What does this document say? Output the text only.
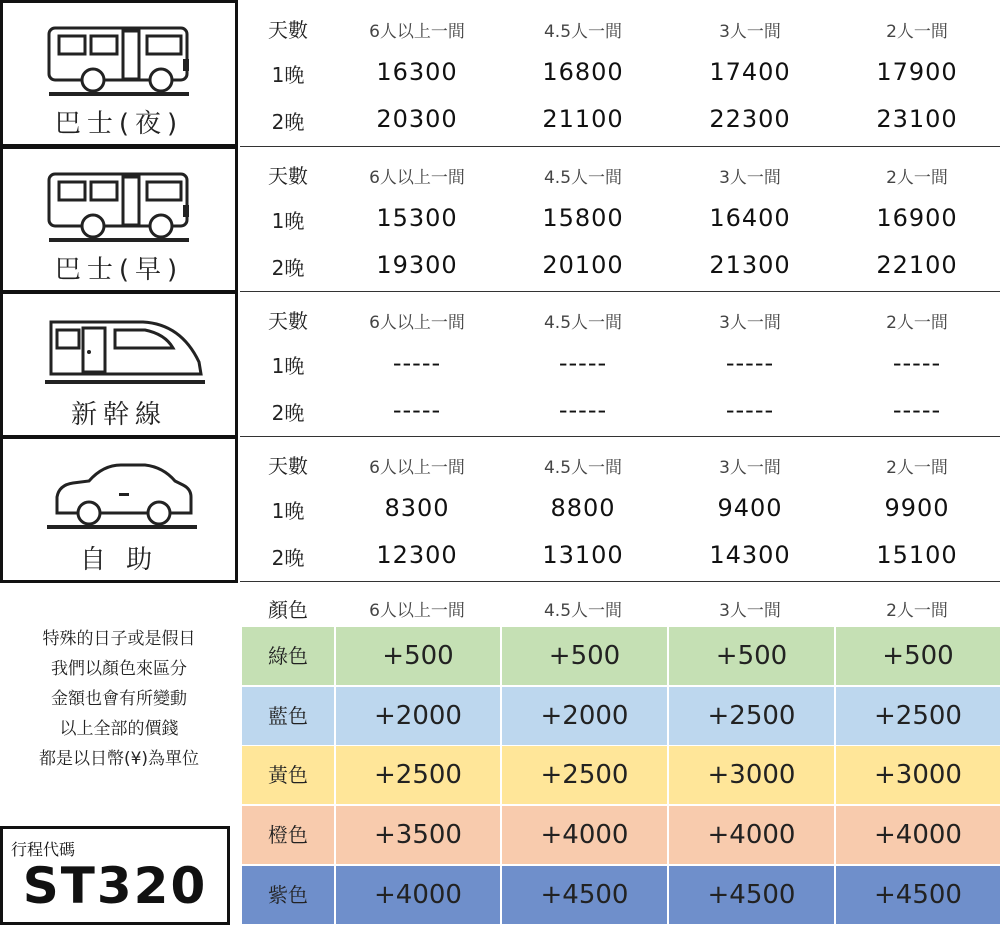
巴士(夜)
巴士(早)
新幹線
自 助
天數	6人以上一間	4.5人一間	3人一間	2人一間
1晚	16300	16800	17400	17900
2晚	20300	21100	22300	23100
天數	6人以上一間	4.5人一間	3人一間	2人一間
1晚	15300	15800	16400	16900
2晚	19300	20100	21300	22100
天數	6人以上一間	4.5人一間	3人一間	2人一間
1晚	-----	-----	-----	-----
2晚	-----	-----	-----	-----
天數	6人以上一間	4.5人一間	3人一間	2人一間
1晚	8300	8800	9400	9900
2晚	12300	13100	14300	15100
顏色	6人以上一間	4.5人一間	3人一間	2人一間
綠色	+500	+500	+500	+500
藍色	+2000	+2000	+2500	+2500
黃色	+2500	+2500	+3000	+3000
橙色	+3500	+4000	+4000	+4000
紫色	+4000	+4500	+4500	+4500
特殊的日子或是假日
我們以顏色來區分
金額也會有所變動
以上全部的價錢
都是以日幣(¥)為單位
行程代碼
ST320
